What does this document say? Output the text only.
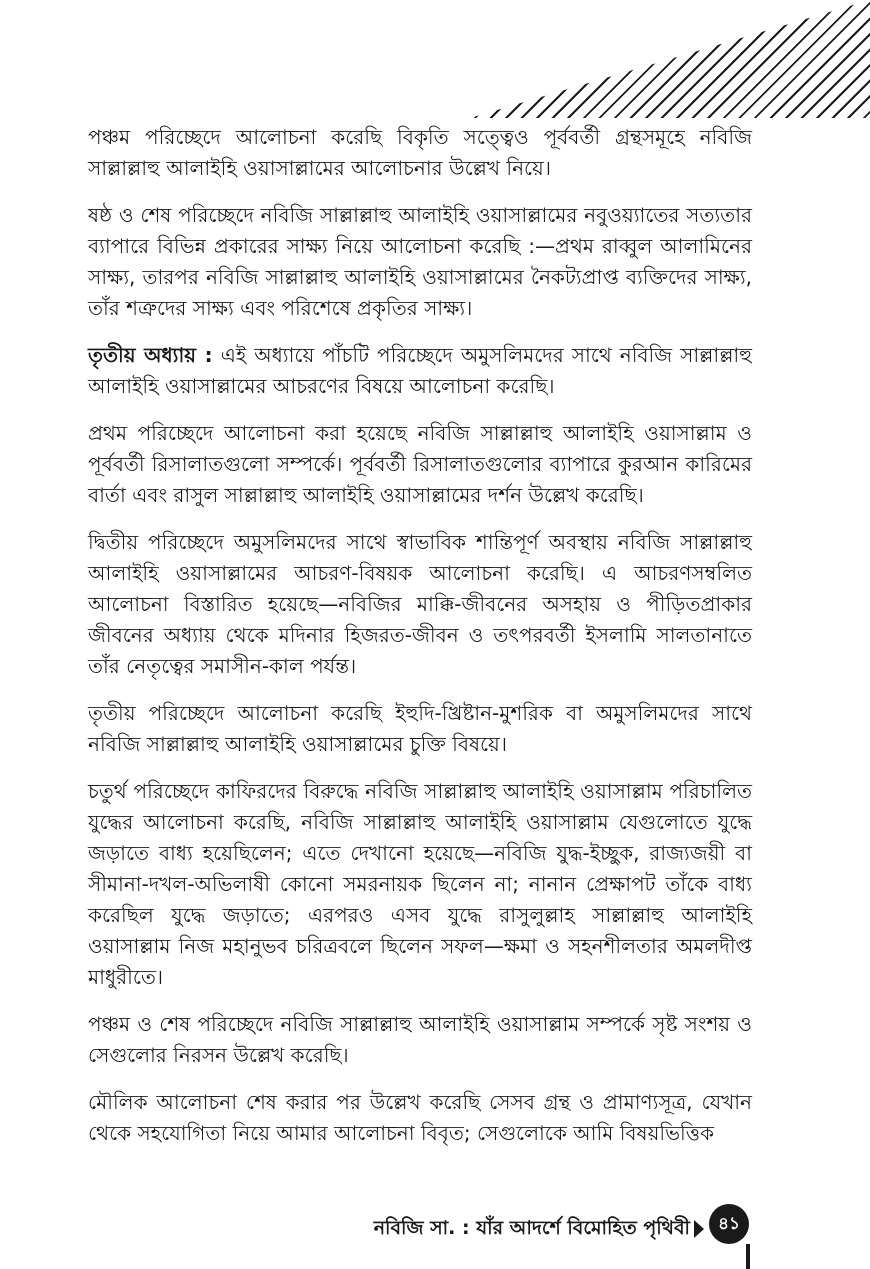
পঞ্চম পরিচ্ছেদে আলোচনা করেছি বিকৃতি সত্ত্বেও পূর্ববর্তী গ্রন্থসমূহে নবিজি সাল্লাল্লাহু আলাইহি ওয়াসাল্লামের আলোচনার উল্লেখ নিয়ে।

ষষ্ঠ ও শেষ পরিচ্ছেদে নবিজি সাল্লাল্লাহু আলাইহি ওয়াসাল্লামের নবুওয়্যাতের সত্যতার ব্যাপারে বিভিন্ন প্রকারের সাক্ষ্য নিয়ে আলোচনা করেছি :—প্রথম রাব্বুল আলামিনের সাক্ষ্য, তারপর নবিজি সাল্লাল্লাহু আলাইহি ওয়াসাল্লামের নৈকট্যপ্রাপ্ত ব্যক্তিদের সাক্ষ্য, তাঁর শত্রুদের সাক্ষ্য এবং পরিশেষে প্রকৃতির সাক্ষ্য।

তৃতীয় অধ্যায় : এই অধ্যায়ে পাঁচটি পরিচ্ছেদে অমুসলিমদের সাথে নবিজি সাল্লাল্লাহু আলাইহি ওয়াসাল্লামের আচরণের বিষয়ে আলোচনা করেছি।

প্রথম পরিচ্ছেদে আলোচনা করা হয়েছে নবিজি সাল্লাল্লাহু আলাইহি ওয়াসাল্লাম ও পূর্ববর্তী রিসালাতগুলো সম্পর্কে। পূর্ববর্তী রিসালাতগুলোর ব্যাপারে কুরআন কারিমের বার্তা এবং রাসুল সাল্লাল্লাহু আলাইহি ওয়াসাল্লামের দর্শন উল্লেখ করেছি।

দ্বিতীয় পরিচ্ছেদে অমুসলিমদের সাথে স্বাভাবিক শান্তিপূর্ণ অবস্থায় নবিজি সাল্লাল্লাহু আলাইহি ওয়াসাল্লামের আচরণ-বিষয়ক আলোচনা করেছি। এ আচরণসম্বলিত আলোচনা বিস্তারিত হয়েছে—নবিজির মাক্কি-জীবনের অসহায় ও পীড়িতপ্রাকার জীবনের অধ্যায় থেকে মদিনার হিজরত-জীবন ও তৎপরবর্তী ইসলামি সালতানাতে তাঁর নেতৃত্বের সমাসীন-কাল পর্যন্ত।

তৃতীয় পরিচ্ছেদে আলোচনা করেছি ইহুদি-খ্রিষ্টান-মুশরিক বা অমুসলিমদের সাথে নবিজি সাল্লাল্লাহু আলাইহি ওয়াসাল্লামের চুক্তি বিষয়ে।

চতুর্থ পরিচ্ছেদে কাফিরদের বিরুদ্ধে নবিজি সাল্লাল্লাহু আলাইহি ওয়াসাল্লাম পরিচালিত যুদ্ধের আলোচনা করেছি, নবিজি সাল্লাল্লাহু আলাইহি ওয়াসাল্লাম যেগুলোতে যুদ্ধে জড়াতে বাধ্য হয়েছিলেন; এতে দেখানো হয়েছে—নবিজি যুদ্ধ-ইচ্ছুক, রাজ্যজয়ী বা সীমানা-দখল-অভিলাষী কোনো সমরনায়ক ছিলেন না; নানান প্রেক্ষাপট তাঁকে বাধ্য করেছিল যুদ্ধে জড়াতে; এরপরও এসব যুদ্ধে রাসুলুল্লাহ সাল্লাল্লাহু আলাইহি ওয়াসাল্লাম নিজ মহানুভব চরিত্রবলে ছিলেন সফল—ক্ষমা ও সহনশীলতার অমলদীপ্ত মাধুরীতে।

পঞ্চম ও শেষ পরিচ্ছেদে নবিজি সাল্লাল্লাহু আলাইহি ওয়াসাল্লাম সম্পর্কে সৃষ্ট সংশয় ও সেগুলোর নিরসন উল্লেখ করেছি।

মৌলিক আলোচনা শেষ করার পর উল্লেখ করেছি সেসব গ্রন্থ ও প্রামাণ্যসূত্র, যেখান থেকে সহযোগিতা নিয়ে আমার আলোচনা বিবৃত; সেগুলোকে আমি বিষয়ভিত্তিক

নবিজি সা. : যাঁর আদর্শে বিমোহিত পৃথিবী	৪১
